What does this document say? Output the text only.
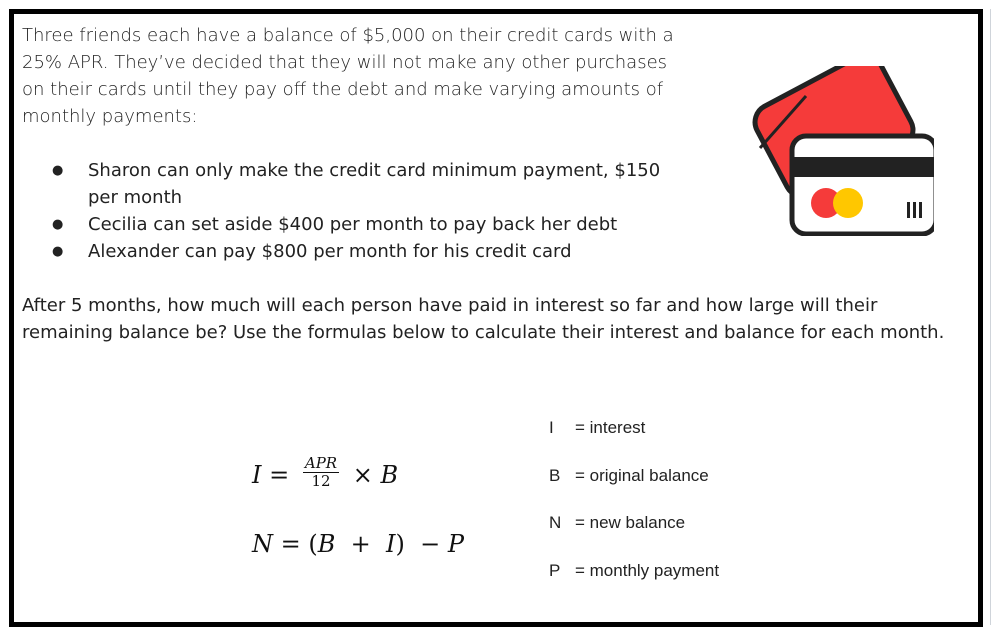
Three friends each have a balance of $5,000 on their credit cards with a 25% APR. They’ve decided that they will not make any other purchases on their cards until they pay off the debt and make varying amounts of monthly payments:

● Sharon can only make the credit card minimum payment, $150 per month
● Cecilia can set aside $400 per month to pay back her debt
● Alexander can pay $800 per month for his credit card

After 5 months, how much will each person have paid in interest so far and how large will their remaining balance be? Use the formulas below to calculate their interest and balance for each month.

$I = \frac{\text{APR}}{12} \times B$
N = (B + I) − P
I	= interest
B = original balance
N = new balance
P = monthly payment
